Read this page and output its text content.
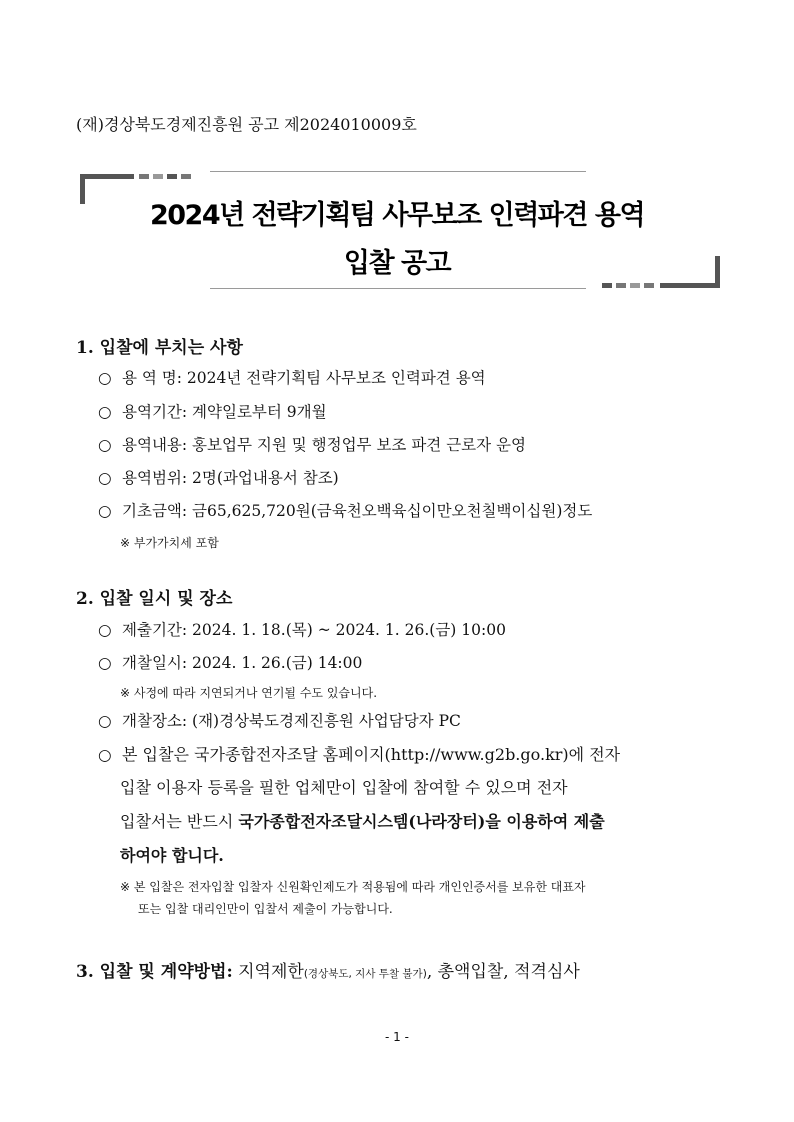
(재)경상북도경제진흥원 공고 제2024010009호
2024년 전략기획팀 사무보조 인력파견 용역
입찰 공고
1. 입찰에 부치는 사항
○ 용 역 명: 2024년 전략기획팀 사무보조 인력파견 용역
○ 용역기간: 계약일로부터 9개월
○ 용역내용: 홍보업무 지원 및 행정업무 보조 파견 근로자 운영
○ 용역범위: 2명(과업내용서 참조)
○ 기초금액: 금65,625,720원(금육천오백육십이만오천칠백이십원)정도
※ 부가가치세 포함
2. 입찰 일시 및 장소
○ 제출기간: 2024. 1. 18.(목) ~ 2024. 1. 26.(금) 10:00
○ 개찰일시: 2024. 1. 26.(금) 14:00
※ 사정에 따라 지연되거나 연기될 수도 있습니다.
○ 개찰장소: (재)경상북도경제진흥원 사업담당자 PC
○ 본 입찰은 국가종합전자조달 홈페이지(http://www.g2b.go.kr)에 전자
입찰 이용자 등록을 필한 업체만이 입찰에 참여할 수 있으며 전자
입찰서는 반드시 국가종합전자조달시스템(나라장터)을 이용하여 제출
하여야 합니다.
※ 본 입찰은 전자입찰 입찰자 신원확인제도가 적용됨에 따라 개인인증서를 보유한 대표자
또는 입찰 대리인만이 입찰서 제출이 가능합니다.
3. 입찰 및 계약방법: 지역제한(경상북도, 지사 투찰 불가), 총액입찰, 적격심사
- 1 -
